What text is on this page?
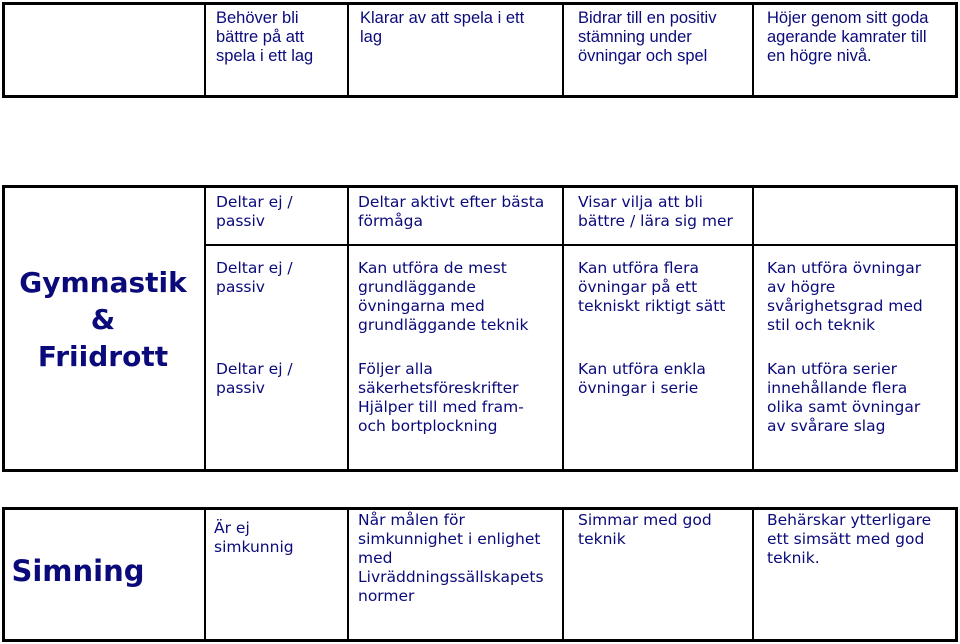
Behöver bli
bättre på att
spela i ett lag
Klarar av att spela i ett
lag
Bidrar till en positiv
stämning under
övningar och spel
Höjer genom sitt goda
agerande kamrater till
en högre nivå.
Gymnastik
&
Friidrott
Deltar ej /
passiv
Deltar aktivt efter bästa
förmåga
Visar vilja att bli
bättre / lära sig mer
Deltar ej /
passiv
Kan utföra de mest
grundläggande
övningarna med
grundläggande teknik
Kan utföra flera
övningar på ett
tekniskt riktigt sätt
Kan utföra övningar
av högre
svårighetsgrad med
stil och teknik
Deltar ej /
passiv
Följer alla
säkerhetsföreskrifter
Hjälper till med fram-
och bortplockning
Kan utföra enkla
övningar i serie
Kan utföra serier
innehållande flera
olika samt övningar
av svårare slag
Simning
Är ej
simkunnig
Når målen för
simkunnighet i enlighet
med
Livräddningssällskapets
normer
Simmar med god
teknik
Behärskar ytterligare
ett simsätt med god
teknik.
